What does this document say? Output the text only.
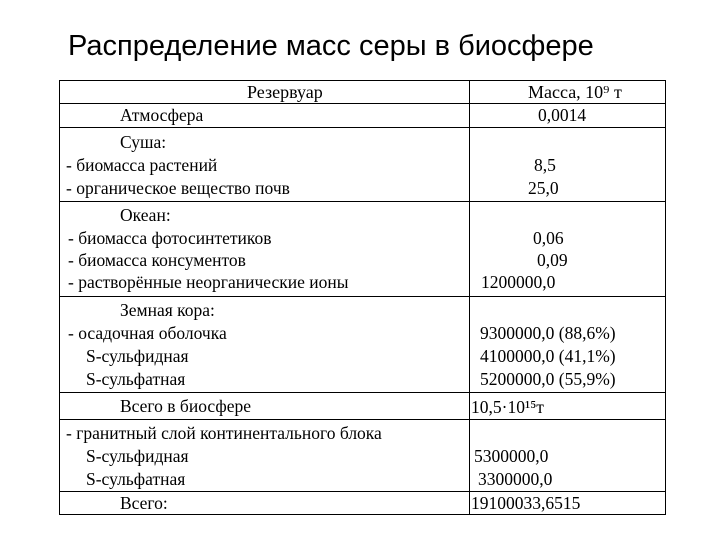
Распределение масс серы в биосфере
Резервуар	Масса, 10⁹ т
Атмосфера	0,0014
Суша:
- биомасса растений	8,5
- органическое вещество почв	25,0
Океан:
- биомасса фотосинтетиков	0,06
- биомасса консументов	0,09
- растворённые неорганические ионы	1200000,0
Земная кора:
- осадочная оболочка	9300000,0 (88,6%)
S-сульфидная	4100000,0 (41,1%)
S-сульфатная	5200000,0 (55,9%)
Всего в биосфере	10,5·10¹⁵т
- гранитный слой континентального блока
S-сульфидная	5300000,0
S-сульфатная	3300000,0
Всего:	19100033,6515
